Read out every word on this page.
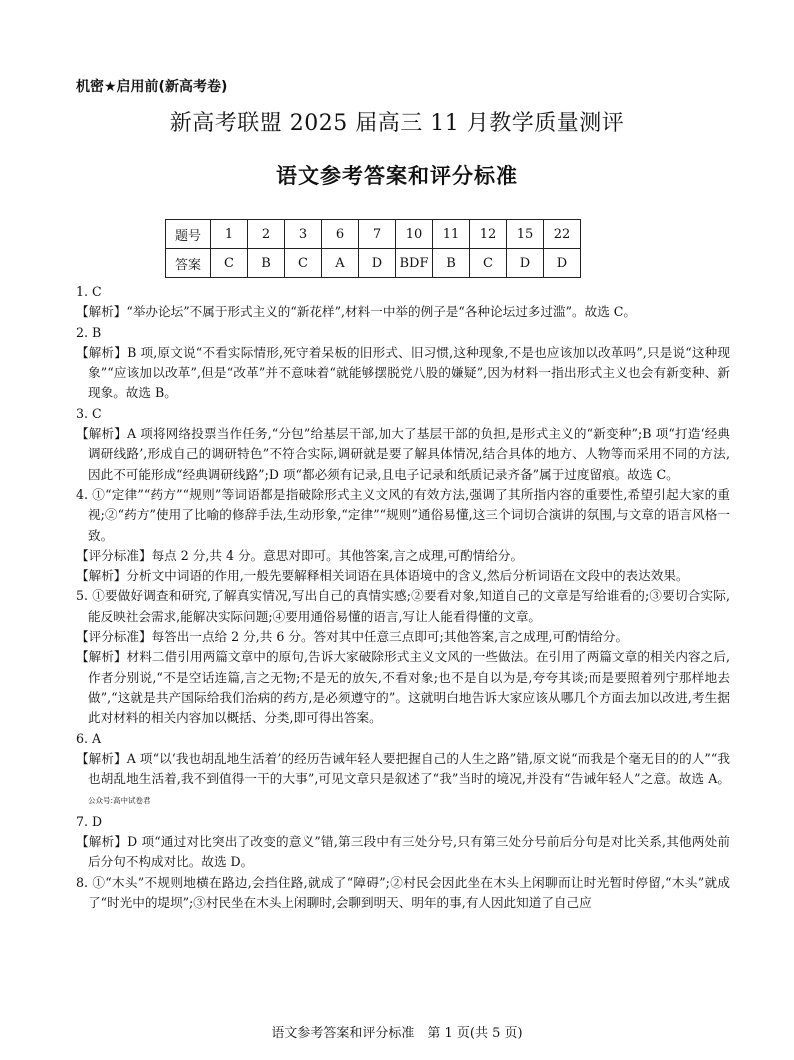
机密★启用前(新高考卷)
新高考联盟 2025 届高三 11 月教学质量测评
语文参考答案和评分标准
题号	1	2	3	6	7	10	11	12	15	22
答案	C	B	C	A	D	BDF	B	C	D	D

1. C

【解析】“举办论坛”不属于形式主义的“新花样”,材料一中举的例子是“各种论坛过多过滥”。故选 C。

2. B

【解析】B 项,原文说“不看实际情形,死守着呆板的旧形式、旧习惯,这种现象,不是也应该加以改革吗”,只是说“这种现象”“应该加以改革”,但是“改革”并不意味着“就能够摆脱党八股的嫌疑”,因为材料一指出形式主义也会有新变种、新现象。故选 B。

3. C

【解析】A 项将网络投票当作任务,“分包”给基层干部,加大了基层干部的负担,是形式主义的“新变种”;B 项“打造‘经典调研线路’,形成自己的调研特色”不符合实际,调研就是要了解具体情况,结合具体的地方、人物等而采用不同的方法,因此不可能形成“经典调研线路”;D 项“都必须有记录,且电子记录和纸质记录齐备”属于过度留痕。故选 C。

4. ①“定律”“药方”“规则”等词语都是指破除形式主义文风的有效方法,强调了其所指内容的重要性,希望引起大家的重视;②“药方”使用了比喻的修辞手法,生动形象,“定律”“规则”通俗易懂,这三个词切合演讲的氛围,与文章的语言风格一致。

【评分标准】每点 2 分,共 4 分。意思对即可。其他答案,言之成理,可酌情给分。

【解析】分析文中词语的作用,一般先要解释相关词语在具体语境中的含义,然后分析词语在文段中的表达效果。

5. ①要做好调查和研究,了解真实情况,写出自己的真情实感;②要看对象,知道自己的文章是写给谁看的;③要切合实际,能反映社会需求,能解决实际问题;④要用通俗易懂的语言,写让人能看得懂的文章。

【评分标准】每答出一点给 2 分,共 6 分。答对其中任意三点即可;其他答案,言之成理,可酌情给分。

【解析】材料二借引用两篇文章中的原句,告诉大家破除形式主义文风的一些做法。在引用了两篇文章的相关内容之后,作者分别说,“不是空话连篇,言之无物;不是无的放矢,不看对象;也不是自以为是,夸夸其谈;而是要照着列宁那样地去做”,“这就是共产国际给我们治病的药方,是必须遵守的”。这就明白地告诉大家应该从哪几个方面去加以改进,考生据此对材料的相关内容加以概括、分类,即可得出答案。

6. A

【解析】A 项“以‘我也胡乱地生活着’的经历告诫年轻人要把握自己的人生之路”错,原文说“而我是个毫无目的的人”“我也胡乱地生活着,我不到值得一干的大事”,可见文章只是叙述了“我”当时的境况,并没有“告诫年轻人”之意。故选 A。公众号:高中试卷君

7. D

【解析】D 项“通过对比突出了改变的意义”错,第三段中有三处分号,只有第三处分号前后分句是对比关系,其他两处前后分句不构成对比。故选 D。

8. ①“木头”不规则地横在路边,会挡住路,就成了“障碍”;②村民会因此坐在木头上闲聊而让时光暂时停留,“木头”就成了“时光中的堤坝”;③村民坐在木头上闲聊时,会聊到明天、明年的事,有人因此知道了自己应

语文参考答案和评分标准　第 1 页(共 5 页)
